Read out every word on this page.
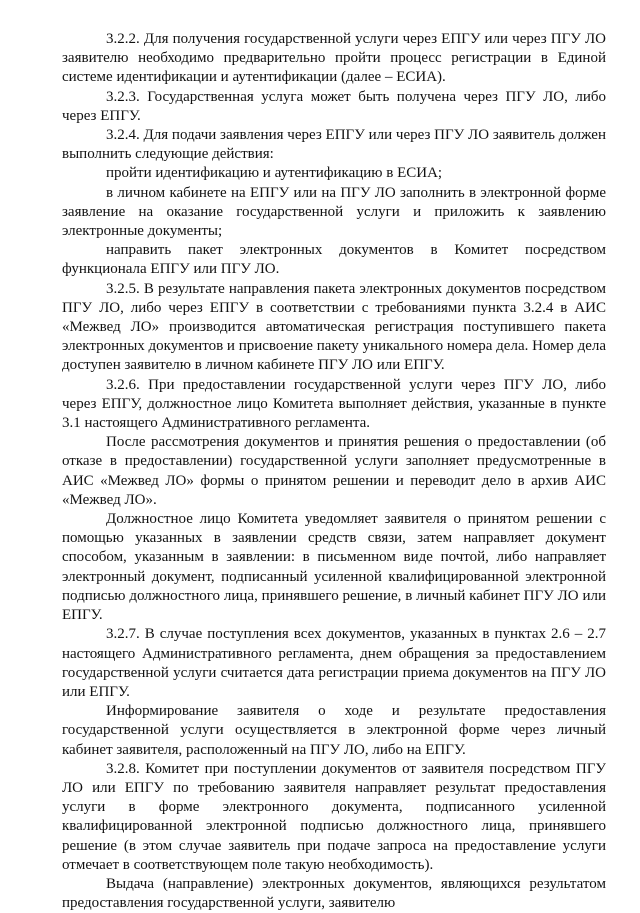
3.2.2. Для получения государственной услуги через ЕПГУ или через ПГУ ЛО заявителю необходимо предварительно пройти процесс регистрации в Единой системе идентификации и аутентификации (далее – ЕСИА).

3.2.3. Государственная услуга может быть получена через ПГУ ЛО, либо через ЕПГУ.

3.2.4. Для подачи заявления через ЕПГУ или через ПГУ ЛО заявитель должен выполнить следующие действия:

пройти идентификацию и аутентификацию в ЕСИА;

в личном кабинете на ЕПГУ или на ПГУ ЛО заполнить в электронной форме заявление на оказание государственной услуги и приложить к заявлению электронные документы;

направить пакет электронных документов в Комитет посредством функционала ЕПГУ или ПГУ ЛО.

3.2.5. В результате направления пакета электронных документов посредством ПГУ ЛО, либо через ЕПГУ в соответствии с требованиями пункта 3.2.4 в АИС «Межвед ЛО» производится автоматическая регистрация поступившего пакета электронных документов и присвоение пакету уникального номера дела. Номер дела доступен заявителю в личном кабинете ПГУ ЛО или ЕПГУ.

3.2.6. При предоставлении государственной услуги через ПГУ ЛО, либо через ЕПГУ, должностное лицо Комитета выполняет действия, указанные в пункте 3.1 настоящего Административного регламента.

После рассмотрения документов и принятия решения о предоставлении (об отказе в предоставлении) государственной услуги заполняет предусмотренные в АИС «Межвед ЛО» формы о принятом решении и переводит дело в архив АИС «Межвед ЛО».

Должностное лицо Комитета уведомляет заявителя о принятом решении с помощью указанных в заявлении средств связи, затем направляет документ способом, указанным в заявлении: в письменном виде почтой, либо направляет электронный документ, подписанный усиленной квалифицированной электронной подписью должностного лица, принявшего решение, в личный кабинет ПГУ ЛО или ЕПГУ.

3.2.7. В случае поступления всех документов, указанных в пунктах 2.6 – 2.7 настоящего Административного регламента, днем обращения за предоставлением государственной услуги считается дата регистрации приема документов на ПГУ ЛО или ЕПГУ.

Информирование заявителя о ходе и результате предоставления государственной услуги осуществляется в электронной форме через личный кабинет заявителя, расположенный на ПГУ ЛО, либо на ЕПГУ.

3.2.8. Комитет при поступлении документов от заявителя посредством ПГУ ЛО или ЕПГУ по требованию заявителя направляет результат предоставления услуги в форме электронного документа, подписанного усиленной квалифицированной электронной подписью должностного лица, принявшего решение (в этом случае заявитель при подаче запроса на предоставление услуги отмечает в соответствующем поле такую необходимость).

Выдача (направление) электронных документов, являющихся результатом предоставления государственной услуги, заявителю
